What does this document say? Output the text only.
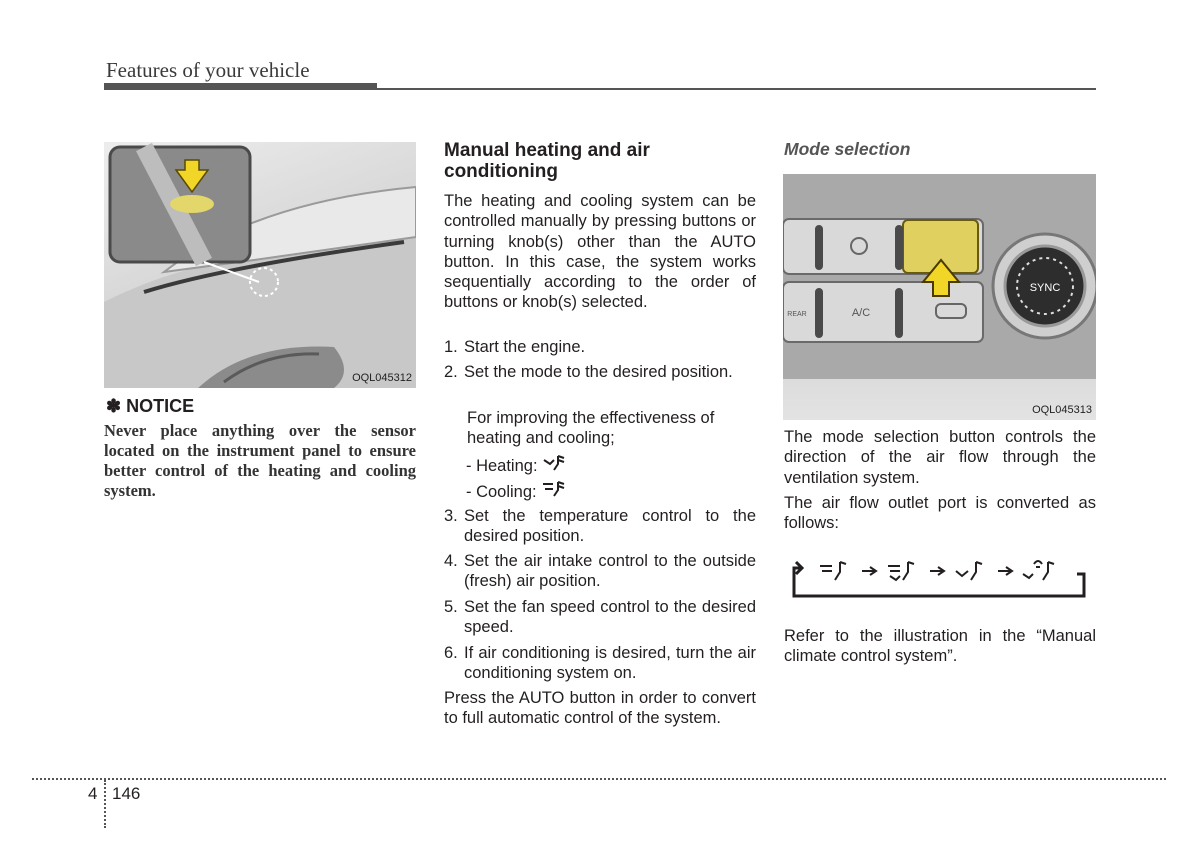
Features of your vehicle
OQL045312
✽ NOTICE
Never place anything over the sensor located on the instrument panel to ensure better control of the heating and cooling system.
Manual heating and air conditioning
The heating and cooling system can be controlled manually by pressing buttons or turning knob(s) other than the AUTO button. In this case, the system works sequentially according to the order of buttons or knob(s) selected.
1. Start the engine.
2. Set the mode to the desired position.
For improving the effectiveness of heating and cooling;
- Heating:
- Cooling:
3. Set the temperature control to the desired position.
4. Set the air intake control to the outside (fresh) air position.
5. Set the fan speed control to the desired speed.
6. If air conditioning is desired, turn the air conditioning system on.
Press the AUTO button in order to convert to full automatic control of the system.
Mode selection
SYNC
A/C
REAR
OQL045313
The mode selection button controls the direction of the air flow through the ventilation system.
The air flow outlet port is converted as follows:
Refer to the illustration in the “Manual climate control system”.
4 146
